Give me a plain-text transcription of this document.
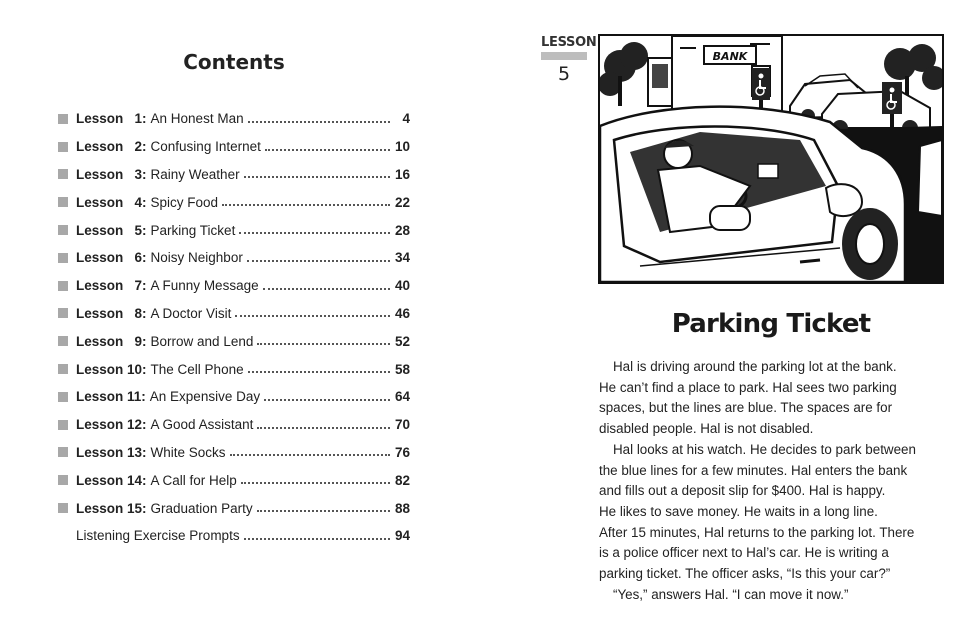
Contents
Lesson   1: An Honest Man	4
Lesson   2: Confusing Internet	10
Lesson   3: Rainy Weather	16
Lesson   4: Spicy Food	22
Lesson   5: Parking Ticket	28
Lesson   6: Noisy Neighbor	34
Lesson   7: A Funny Message	40
Lesson   8: A Doctor Visit	46
Lesson   9: Borrow and Lend	52
Lesson 10: The Cell Phone	58
Lesson 11: An Expensive Day	64
Lesson 12: A Good Assistant	70
Lesson 13: White Socks	76
Lesson 14: A Call for Help	82
Lesson 15: Graduation Party	88
Listening Exercise Prompts	94
LESSON
5
BANK
Parking Ticket
Hal is driving around the parking lot at the bank.
He can’t find a place to park. Hal sees two parking
spaces, but the lines are blue. The spaces are for
disabled people. Hal is not disabled.
Hal looks at his watch. He decides to park between
the blue lines for a few minutes. Hal enters the bank
and fills out a deposit slip for $400. Hal is happy.
He likes to save money. He waits in a long line.
After 15 minutes, Hal returns to the parking lot. There
is a police officer next to Hal’s car. He is writing a
parking ticket. The officer asks, “Is this your car?”
“Yes,” answers Hal. “I can move it now.”
